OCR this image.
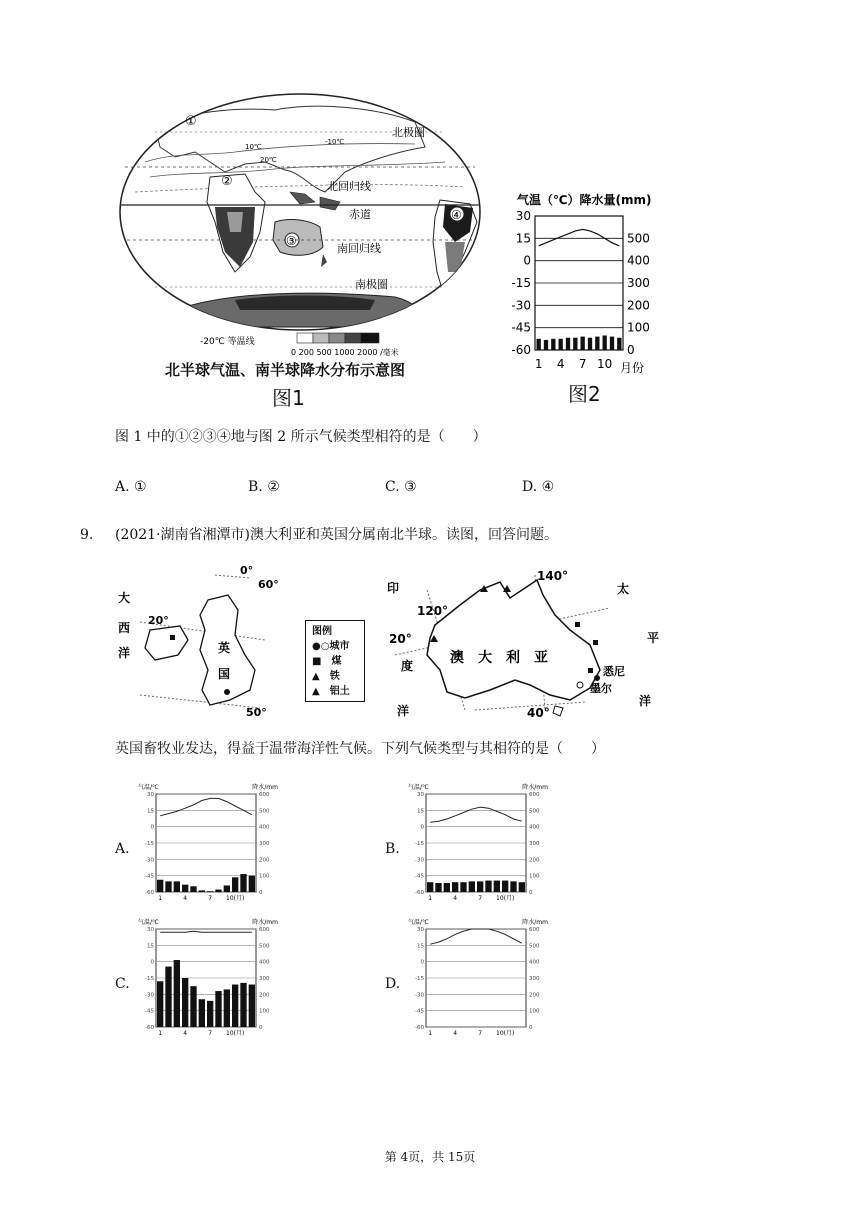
北极圈
北回归线
赤道
南回归线
南极圈
10℃
20℃
-10℃
①
②
③
④
-20℃ 等温线
0 200 500 1000 2000 /毫米
北半球气温、南半球降水分布示意图
图1
气温（℃）降水量(mm)
30
15
0
-15
-30
-45
-60
500
400
300
200
100
0
1 4 7 10 月份
图2
图 1 中的①②③④地与图 2 所示气候类型相符的是（　　）
A. ①	B. ②	C. ③	D. ④
9. (2021·湖南省湘潭市)澳大利亚和英国分属南北半球。读图，回答问题。
0°
60°
20°
50°
大
西
洋	英
国
图例
●○城市
■　煤
▲　铁
▲　铝土
140°
120°
20°
40°
澳　大　利　亚
悉尼
墨尔
印
度
洋
太
平
洋
英国畜牧业发达，得益于温带海洋性气候。下列气候类型与其相符的是（　　）
A.	B.
C.	D.
气温/℃	降水/mm
30
15
0
-15
-30
-45
-60
600
500
400
300
200
100
0
1	4	7 10(月)
气温/℃	降水/mm
30
15
0
-15
-30
-45
-60
600
500
400
300
200
100
0
1	4	7 10(月)
气温/℃	降水/mm
30
15
0
-15
-30
-45
-60
600
500
400
300
200
100
0
1	4	7 10(月)
气温/℃	降水/mm
30
15
0
-15
-30
-45
-60
600
500
400
300
200
100
0
1	4	7 10(月)
第 4页，共 15页
